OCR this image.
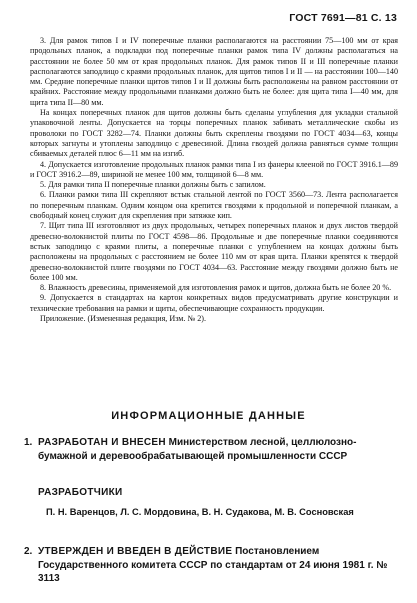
ГОСТ 7691—81 С. 13

3. Для рамок типов I и IV поперечные планки располагаются на расстоянии 75—100 мм от края продольных планок, а подкладки под поперечные планки рамок типа IV должны располагаться на расстоянии не более 50 мм от края продольных планок. Для рамок типов II и III поперечные планки располагаются заподлицо с краями продольных планок, для щитов типов I и II — на расстоянии 100—140 мм. Средние поперечные планки щитов типов I и II должны быть расположены на равном расстоянии от крайних. Расстояние между продольными планками должно быть не более: для щита типа I—40 мм, для щита типа II—80 мм.

На концах поперечных планок для щитов должны быть сделаны углубления для укладки стальной упаковочной ленты. Допускается на торцы поперечных планок забивать металлические скобы из проволоки по ГОСТ 3282—74. Планки должны быть скреплены гвоздями по ГОСТ 4034—63, концы которых загнуты и утоплены заподлицо с древесиной. Длина гвоздей должна равняться сумме толщин сбиваемых деталей плюс 6—11 мм на изгиб.

4. Допускается изготовление продольных планок рамки типа I из фанеры клееной по ГОСТ 3916.1—89 и ГОСТ 3916.2—89, шириной не менее 100 мм, толщиной 6—8 мм.

5. Для рамки типа II поперечные планки должны быть с запилом.

6. Планки рамки типа III скрепляют встык стальной лентой по ГОСТ 3560—73. Лента располагается по поперечным планкам. Одним концом она крепится гвоздями к продольной и поперечной планкам, а свободный конец служит для скрепления при затяжке кип.

7. Щит типа III изготовляют из двух продольных, четырех поперечных планок и двух листов твердой древесно-волокнистой плиты по ГОСТ 4598—86. Продольные и две поперечные планки соединяются встык заподлицо с краями плиты, а поперечные планки с углублением на концах должны быть расположены на продольных с расстоянием не более 110 мм от края щита. Планки крепятся к твердой древесно-волокнистой плите гвоздями по ГОСТ 4034—63. Расстояние между гвоздями должно быть не более 100 мм.

8. Влажность древесины, применяемой для изготовления рамок и щитов, должна быть не более 20 %.

9. Допускается в стандартах на картон конкретных видов предусматривать другие конструкции и технические требования на рамки и щиты, обеспечивающие сохранность продукции.

Приложение. (Измененная редакция, Изм. № 2).

ИНФОРМАЦИОННЫЕ ДАННЫЕ
1. РАЗРАБОТАН И ВНЕСЕН Министерством лесной, целлюлозно-бумажной и деревообрабатывающей промышленности СССР
РАЗРАБОТЧИКИ
П. Н. Варенцов, Л. С. Мордовина, В. Н. Судакова, М. В. Сосновская
2. УТВЕРЖДЕН И ВВЕДЕН В ДЕЙСТВИЕ Постановлением Государственного комитета СССР по стандартам от 24 июня 1981 г. № 3113
